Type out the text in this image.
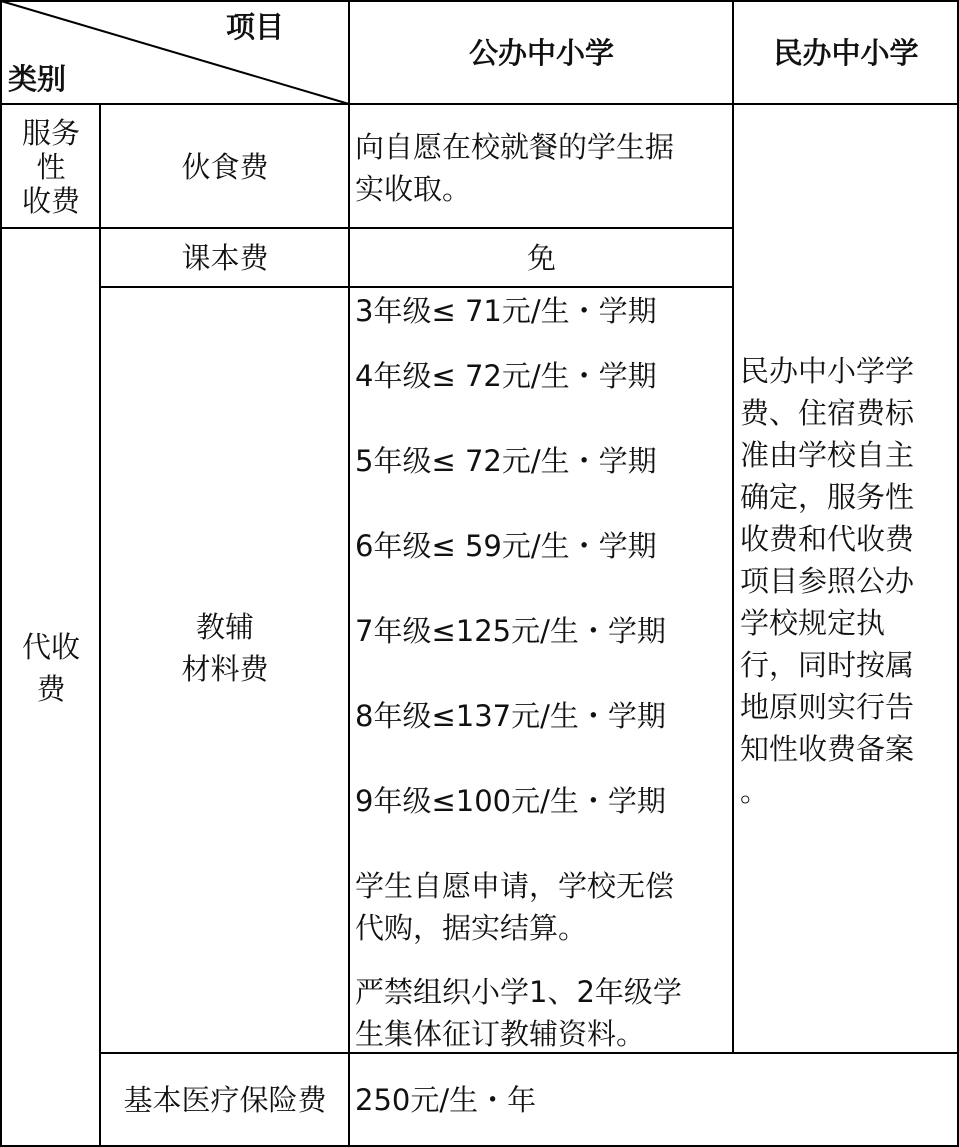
项目
类别
公办中小学	民办中小学
服务
性
收费
伙食费
向自愿在校就餐的学生据
实收取。
代收
费
课本费	免
教辅
材料费
3年级≤ 71元/生・学期
4年级≤ 72元/生・学期
5年级≤ 72元/生・学期
6年级≤ 59元/生・学期
7年级≤125元/生・学期
8年级≤137元/生・学期
9年级≤100元/生・学期
学生自愿申请，学校无偿
代购，据实结算。
严禁组织小学1、2年级学
生集体征订教辅资料。
民办中小学学
费、住宿费标
准由学校自主
确定，服务性
收费和代收费
项目参照公办
学校规定执
行，同时按属
地原则实行告
知性收费备案
。
基本医疗保险费 250元/生・年
